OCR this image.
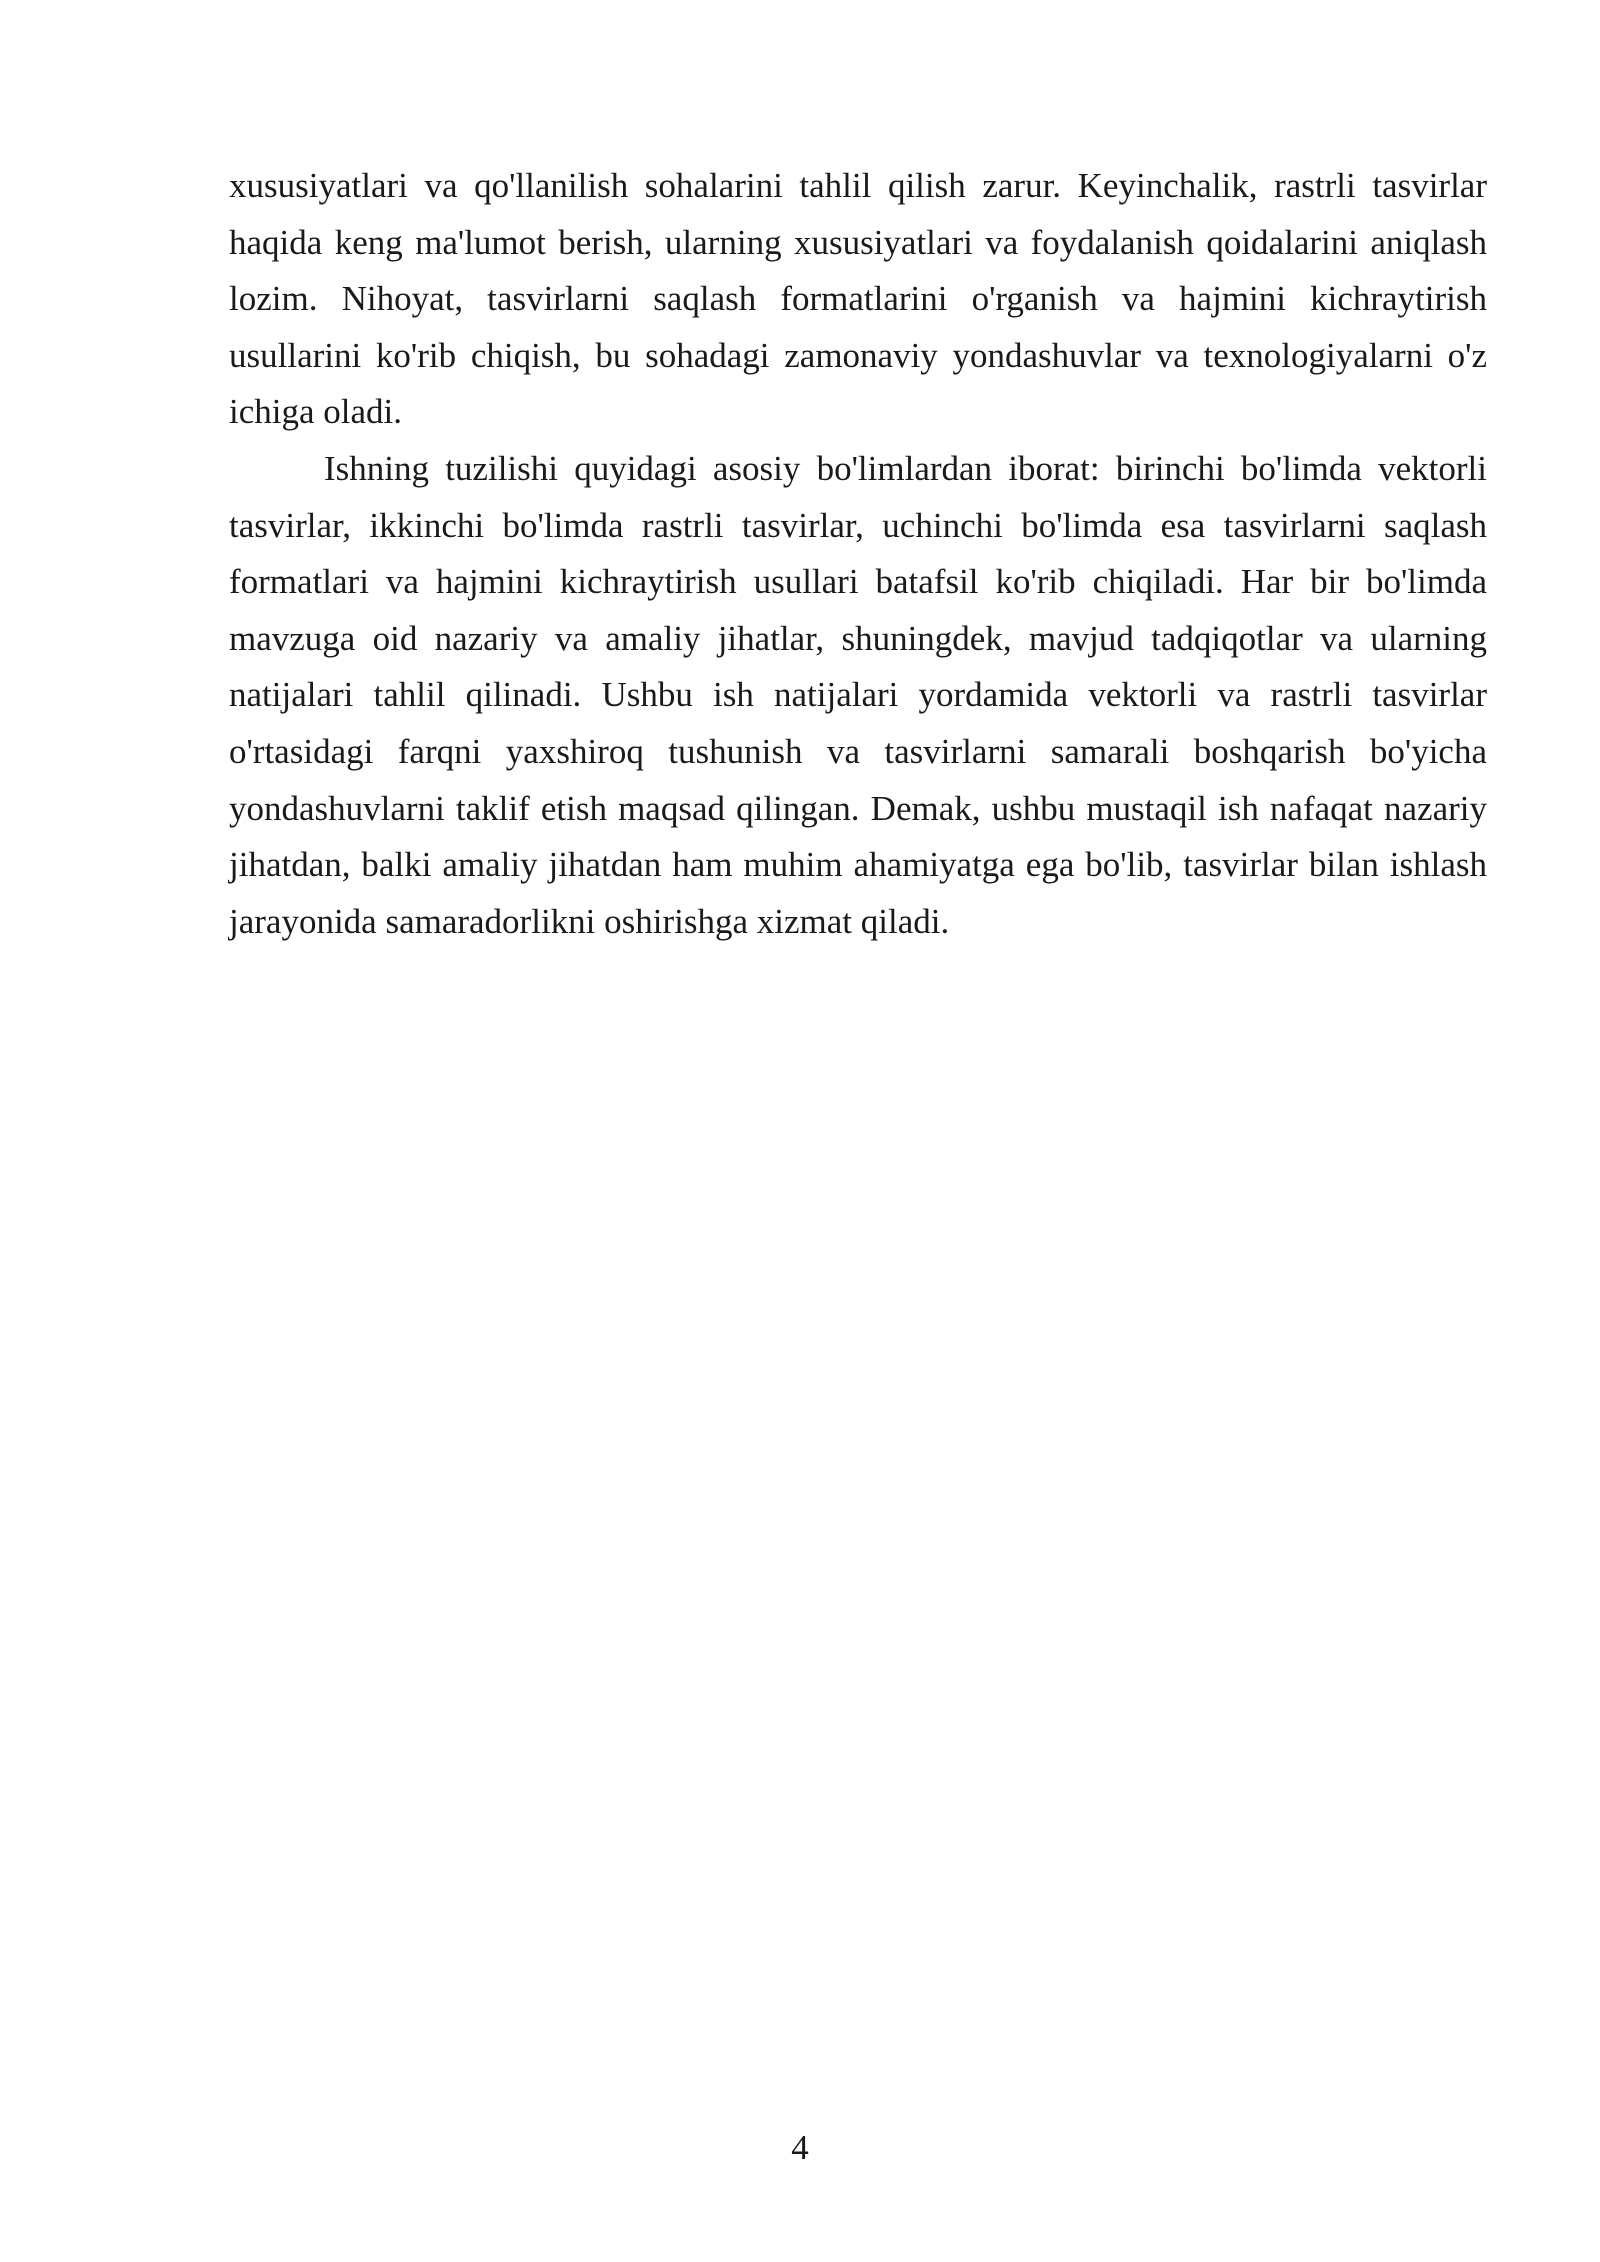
xususiyatlari va qo'llanilish sohalarini tahlil qilish zarur. Keyinchalik, rastrli tasvirlar haqida keng ma'lumot berish, ularning xususiyatlari va foydalanish qoidalarini aniqlash lozim. Nihoyat, tasvirlarni saqlash formatlarini o'rganish va hajmini kichraytirish usullarini ko'rib chiqish, bu sohadagi zamonaviy yondashuvlar va texnologiyalarni o'z ichiga oladi.

Ishning tuzilishi quyidagi asosiy bo'limlardan iborat: birinchi bo'limda vektorli tasvirlar, ikkinchi bo'limda rastrli tasvirlar, uchinchi bo'limda esa tasvirlarni saqlash formatlari va hajmini kichraytirish usullari batafsil ko'rib chiqiladi. Har bir bo'limda mavzuga oid nazariy va amaliy jihatlar, shuningdek, mavjud tadqiqotlar va ularning natijalari tahlil qilinadi. Ushbu ish natijalari yordamida vektorli va rastrli tasvirlar o'rtasidagi farqni yaxshiroq tushunish va tasvirlarni samarali boshqarish bo'yicha yondashuvlarni taklif etish maqsad qilingan. Demak, ushbu mustaqil ish nafaqat nazariy jihatdan, balki amaliy jihatdan ham muhim ahamiyatga ega bo'lib, tasvirlar bilan ishlash jarayonida samaradorlikni oshirishga xizmat qiladi.

4
